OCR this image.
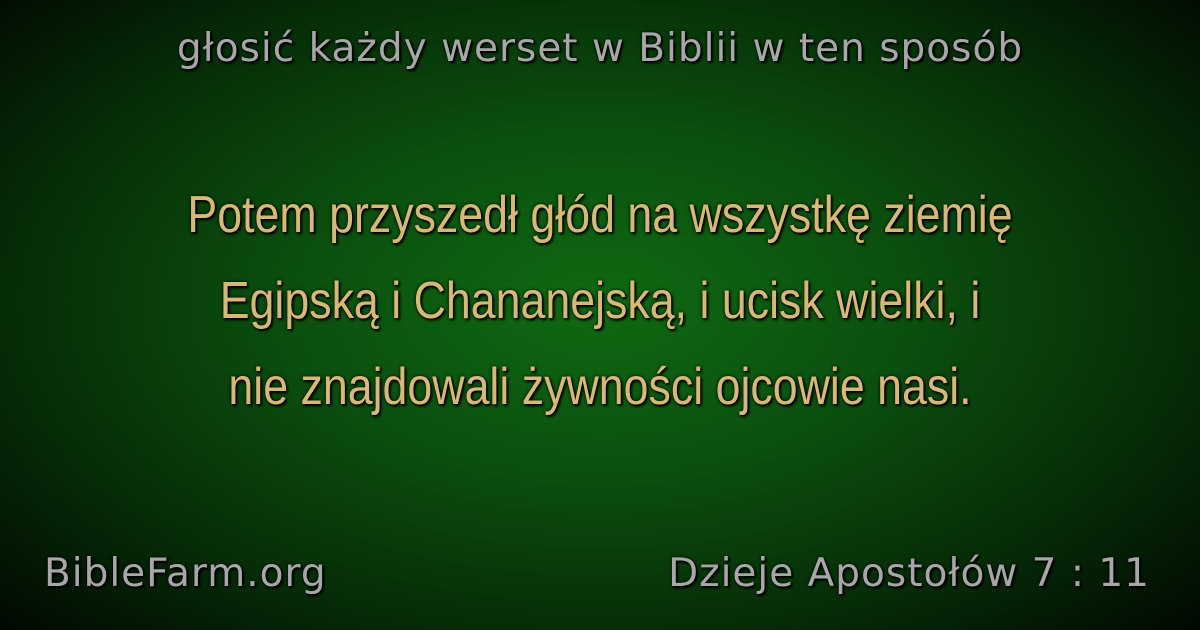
głosić każdy werset w Biblii w ten sposób
Potem przyszedł głód na wszystkę ziemię
Egipską i Chananejską, i ucisk wielki, i
nie znajdowali żywności ojcowie nasi.
BibleFarm.org	Dzieje Apostołów 7 : 11
